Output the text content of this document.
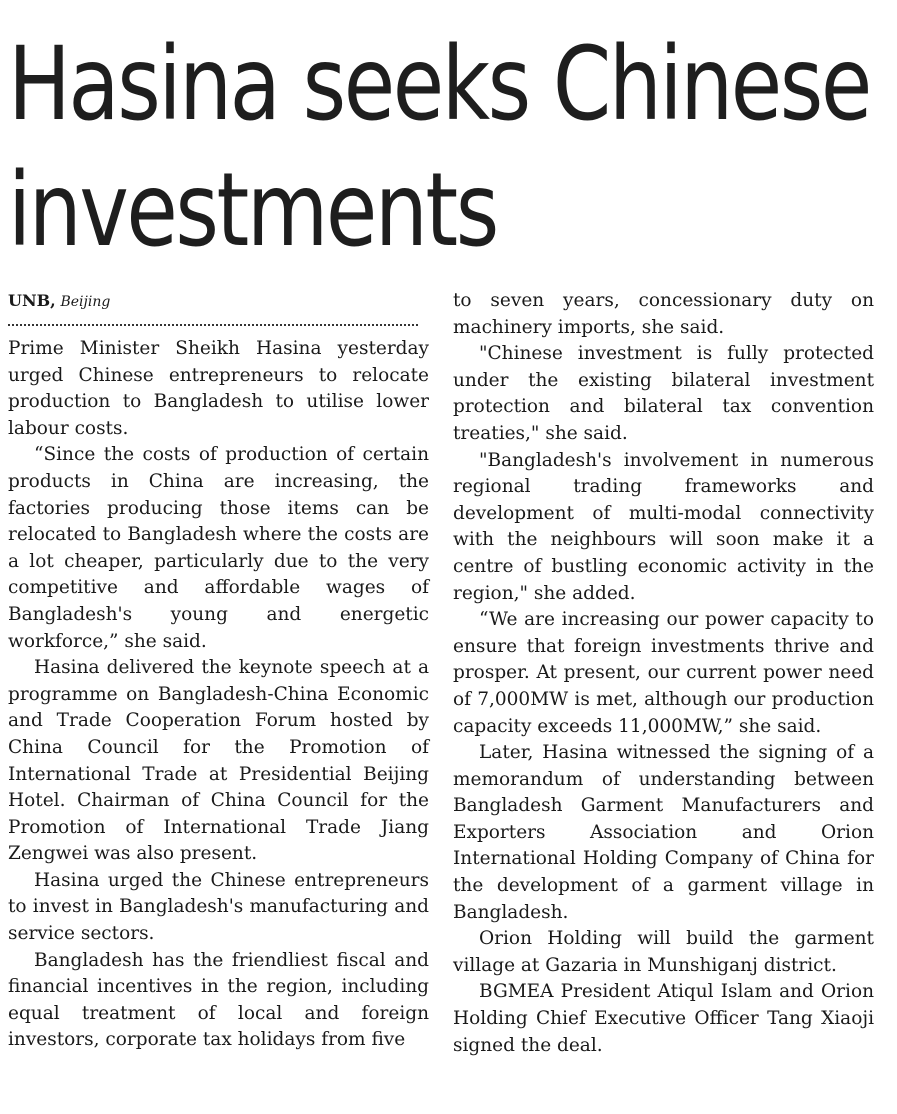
Hasina seeks Chinese
investments
UNB, Beijing

Prime Minister Sheikh Hasina yesterday urged Chinese entrepreneurs to relocate production to Bangladesh to utilise lower labour costs.

“Since the costs of production of certain products in China are increasing, the factories producing those items can be relocated to Bangladesh where the costs are a lot cheaper, particularly due to the very competitive and affordable wages of Bangladesh's young and energetic workforce,” she said.

Hasina delivered the keynote speech at a programme on Bangladesh-China Economic and Trade Cooperation Forum hosted by China Council for the Promotion of International Trade at Presidential Beijing Hotel. Chairman of China Council for the Promotion of International Trade Jiang Zengwei was also present.

Hasina urged the Chinese entrepreneurs to invest in Bangladesh's manufacturing and service sectors.

Bangladesh has the friendliest fiscal and financial incentives in the region, including equal treatment of local and foreign investors, corporate tax holidays from five

to seven years, concessionary duty on machinery imports, she said.

"Chinese investment is fully protected under the existing bilateral investment protection and bilateral tax convention treaties," she said.

"Bangladesh's involvement in numerous regional trading frameworks and development of multi-modal connectivity with the neighbours will soon make it a centre of bustling economic activity in the region," she added.

“We are increasing our power capacity to ensure that foreign investments thrive and prosper. At present, our current power need of 7,000MW is met, although our production capacity exceeds 11,000MW,” she said.

Later, Hasina witnessed the signing of a memorandum of understanding between Bangladesh Garment Manufacturers and Exporters Association and Orion International Holding Company of China for the development of a garment village in Bangladesh.

Orion Holding will build the garment village at Gazaria in Munshiganj district.

BGMEA President Atiqul Islam and Orion Holding Chief Executive Officer Tang Xiaoji signed the deal.
